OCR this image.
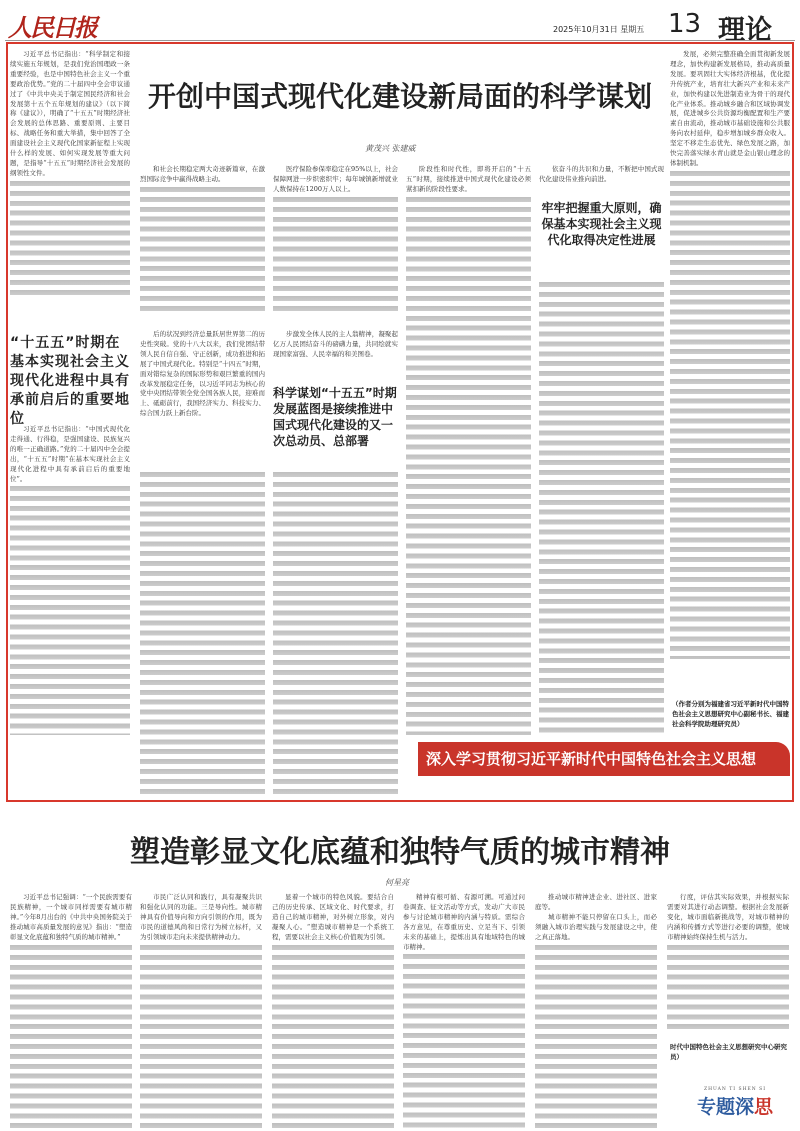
人民日报	2025年10月31日 星期五 13 理论
开创中国式现代化建设新局面的科学谋划
黄茂兴 张建威

习近平总书记指出：“科学制定和接续实施五年规划，是我们党治国理政一条重要经验，也是中国特色社会主义一个重要政治优势。”党的二十届四中全会审议通过了《中共中央关于制定国民经济和社会发展第十五个五年规划的建议》（以下简称《建议》），明确了“十五五”时期经济社会发展的总体思路、重要原则、主要目标、战略任务和重大举措，集中回答了全面建设社会主义现代化国家新征程上实现什么样的发展、如何实现发展等重大问题，是指导“十五五”时期经济社会发展的纲领性文件。

“十五五”时期在基本实现社会主义现代化进程中具有承前启后的重要地位

习近平总书记指出：“中国式现代化走得通、行得稳，是强国建设、民族复兴的唯一正确道路。”党的二十届四中全会提出，“十五五”时期“在基本实现社会主义现代化进程中具有承前启后的重要地位”。

和社会长期稳定两大奇迹新篇章，在激烈国际竞争中赢得战略主动。

后的状况到经济总量跃居世界第二的历史性突破。党的十八大以来，我们党团结带领人民自信自强、守正创新，成功推进和拓展了中国式现代化。特别是“十四五”时期，面对错综复杂的国际形势和艰巨繁重的国内改革发展稳定任务，以习近平同志为核心的党中央团结带领全党全国各族人民，迎难而上、砥砺前行，我国经济实力、科技实力、综合国力跃上新台阶。

医疗保险参保率稳定在95%以上，社会保障网进一步织密织牢；每年城镇新增就业人数保持在1200万人以上。

步激发全体人民的主人翁精神，凝聚起亿万人民团结奋斗的磅礴力量，共同绘就实现国家富强、人民幸福的和美图卷。

科学谋划“十五五”时期发展蓝图是接续推进中国式现代化建设的又一次总动员、总部署

阶段性和时代性，即将开启的“十五五”时期，接续推进中国式现代化建设必须紧扣新的阶段性要求。

依奋斗的共识和力量，不断把中国式现代化建设伟业推向前进。

牢牢把握重大原则，确保基本实现社会主义现代化取得决定性进展

发展，必须完整准确全面贯彻新发展理念，加快构建新发展格局，推动高质量发展。要巩固壮大实体经济根基，优化提升传统产业，培育壮大新兴产业和未来产业，加快构建以先进制造业为骨干的现代化产业体系。推动城乡融合和区域协调发展，促进城乡公共资源均衡配置和生产要素自由流动，推动城市基础设施和公共服务向农村延伸，稳步增加城乡群众收入。坚定不移走生态优先、绿色发展之路，加快完善落实绿水青山就是金山银山理念的体制机制。

（作者分别为福建省习近平新时代中国特色社会主义思想研究中心副秘书长、福建社会科学院助理研究员）
深入学习贯彻习近平新时代中国特色社会主义思想
塑造彰显文化底蕴和独特气质的城市精神
何星亮

习近平总书记强调：“一个民族需要有民族精神，一个城市同样需要有城市精神。”今年8月出台的《中共中央国务院关于推动城市高质量发展的意见》指出：“塑造彰显文化底蕴和独特气质的城市精神。”

市民广泛认同和践行，具有凝聚共识和强化认同的功能。三是导向性。城市精神具有价值导向和方向引领的作用，既为市民的道德风尚和日常行为树立标杆，又为引领城市走向未来提供精神动力。

显着一个城市的特色风貌。要结合自己的历史传承、区域文化、时代要求，打造自己的城市精神，对外树立形象，对内凝聚人心。“塑造城市精神是一个系统工程，需要以社会主义核心价值观为引领。

精神有根可循、有源可溯。可通过问卷调查、征文活动等方式，发动广大市民参与讨论城市精神的内涵与特质。需综合各方意见，在尊重历史、立足当下、引领未来的基础上，提炼出具有地域特色的城市精神。

推动城市精神进企业、进社区、进家庭等。

城市精神不能只停留在口头上，而必须融入城市治理实践与发展建设之中，使之真正落地。

行度，评估其实际效果，并根据实际需要对其进行动态调整。根据社会发展新变化，城市面临新挑战等，对城市精神的内涵和传播方式等进行必要的调整，使城市精神始终保持生机与活力。

时代中国特色社会主义思想研究中心研究员）
ZHUAN TI SHEN SI
专题深思
